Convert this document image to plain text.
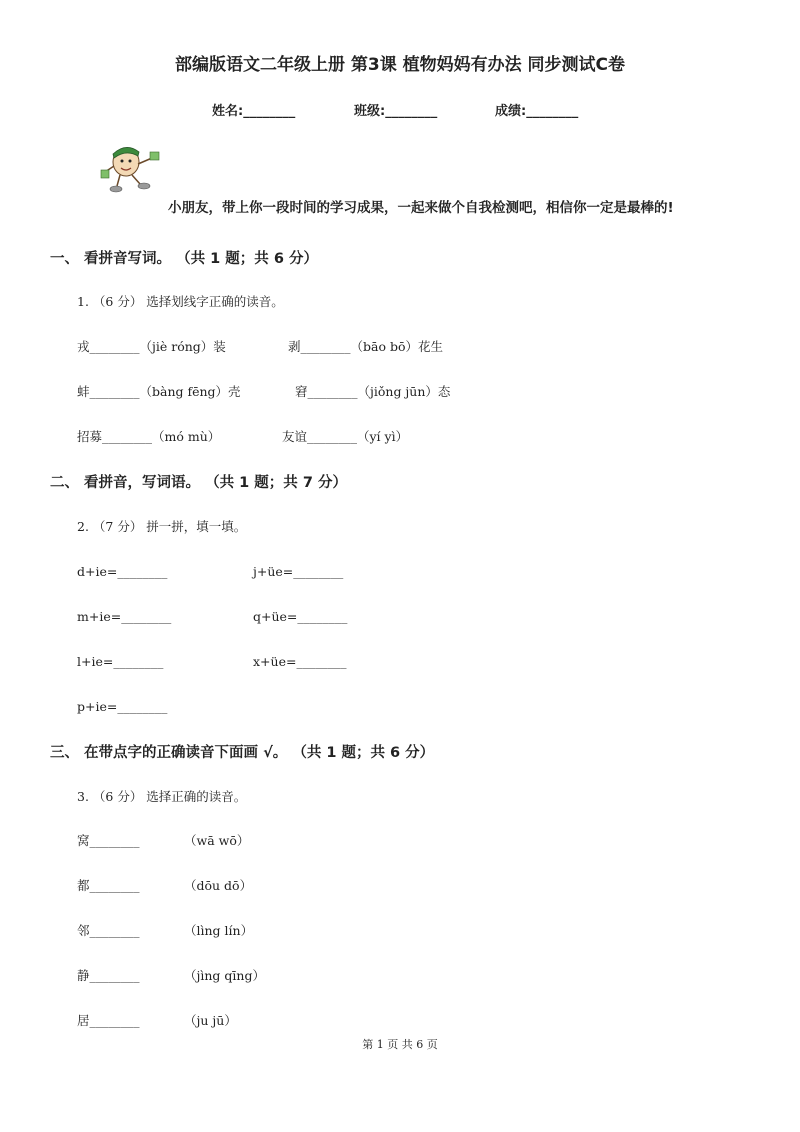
部编版语文二年级上册 第3课 植物妈妈有办法 同步测试C卷
姓名:________	班级:________	成绩:________
小朋友，带上你一段时间的学习成果，一起来做个自我检测吧，相信你一定是最棒的!
一、 看拼音写词。 （共 1 题；共 6 分）
1. （6 分） 选择划线字正确的读音。
戎________（jiè róng）装	剥________（bāo bō）花生
蚌________（bàng fēng）壳	窘________（jiǒng jūn）态
招募________（mó mù）	友谊________（yí yì）
二、 看拼音，写词语。 （共 1 题；共 7 分）
2. （7 分） 拼一拼，填一填。
d+ie=________	j+üe=________
m+ie=________	q+üe=________
l+ie=________	x+üe=________
p+ie=________
三、 在带点字的正确读音下面画 √。 （共 1 题；共 6 分）
3. （6 分） 选择正确的读音。
窝________	（wā wō）
都________	（dōu dō）
邻________	（lìng lín）
静________	（jìng qīng）
居________	（ju jū）
第 1 页 共 6 页
